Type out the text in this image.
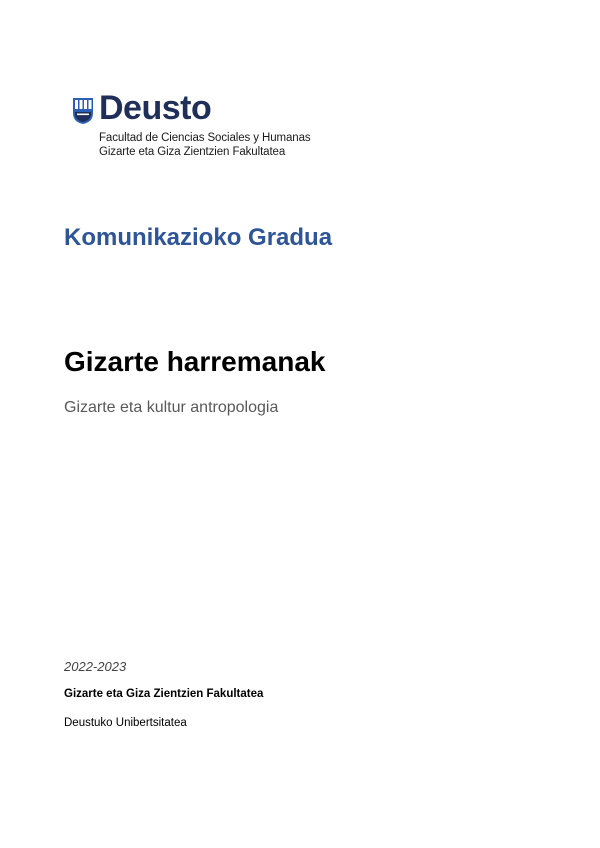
Deusto
Facultad de Ciencias Sociales y Humanas
Gizarte eta Giza Zientzien Fakultatea
Komunikazioko Gradua
Gizarte harremanak
Gizarte eta kultur antropologia
2022-2023
Gizarte eta Giza Zientzien Fakultatea
Deustuko Unibertsitatea
